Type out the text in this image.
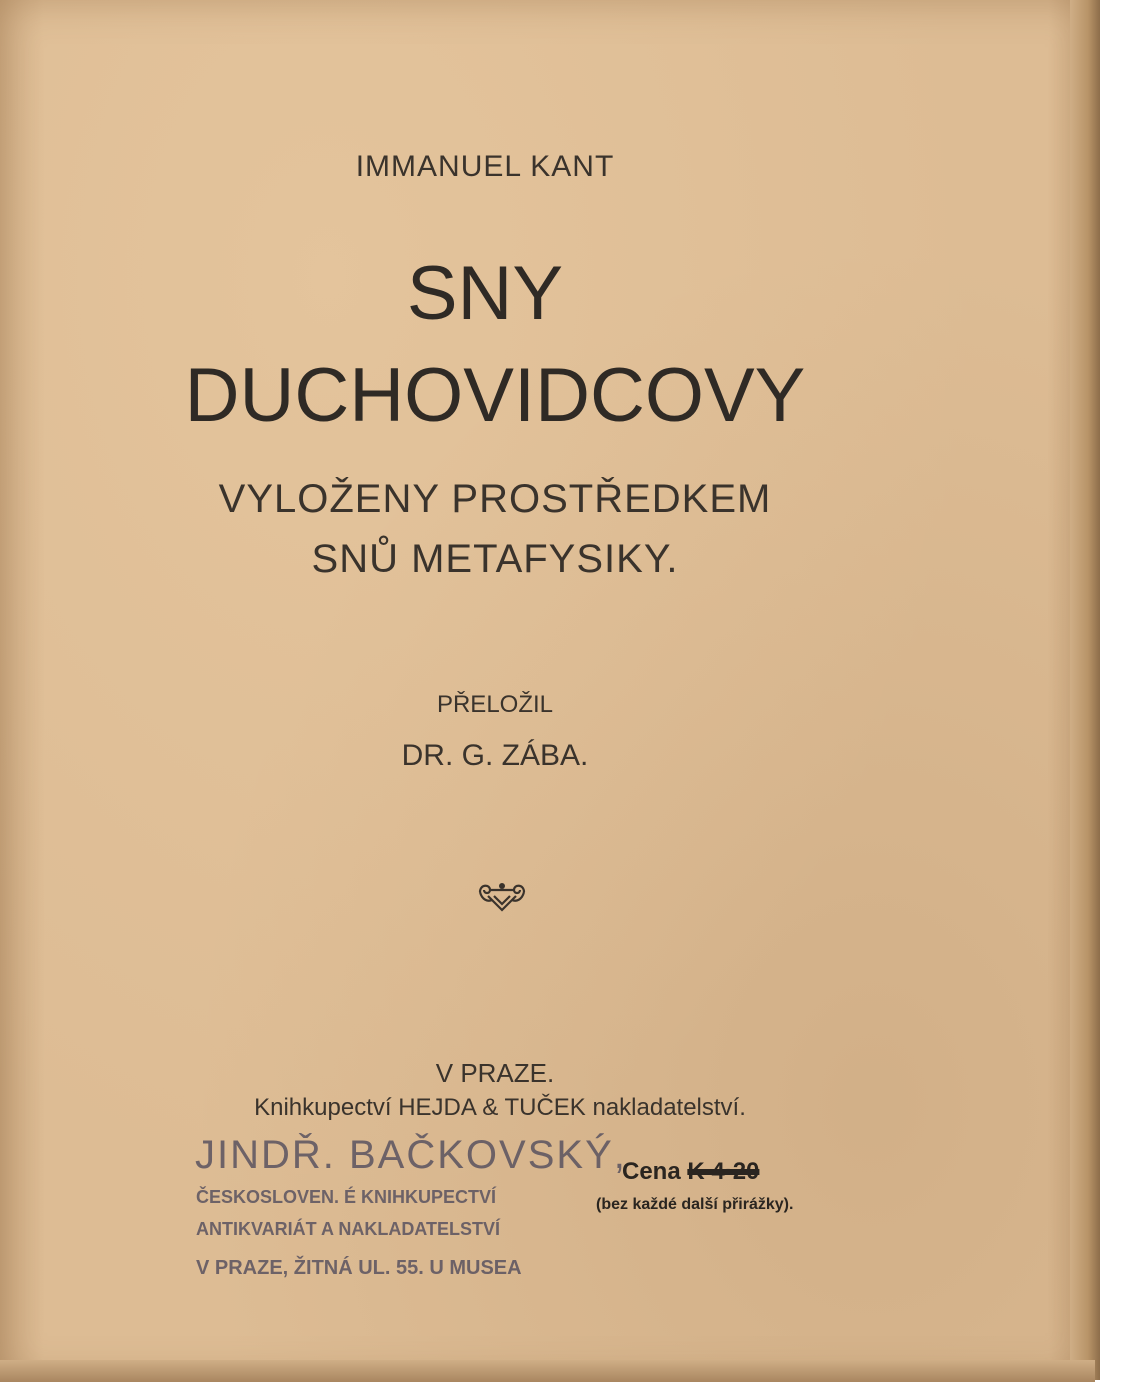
IMMANUEL KANT
SNY
DUCHOVIDCOVY
VYLOŽENY PROSTŘEDKEM
SNŮ METAFYSIKY.
PŘELOŽIL
DR. G. ZÁBA.
V PRAZE.
Knihkupectví HEJDA & TUČEK nakladatelství.
JINDŘ. BAČKOVSKÝ,
ČESKOSLOVEN. É KNIHKUPECTVÍ
ANTIKVARIÁT A NAKLADATELSTVÍ
V PRAZE, ŽITNÁ UL. 55. U MUSEA
Cena K 4·20
(bez každé další přirážky).
